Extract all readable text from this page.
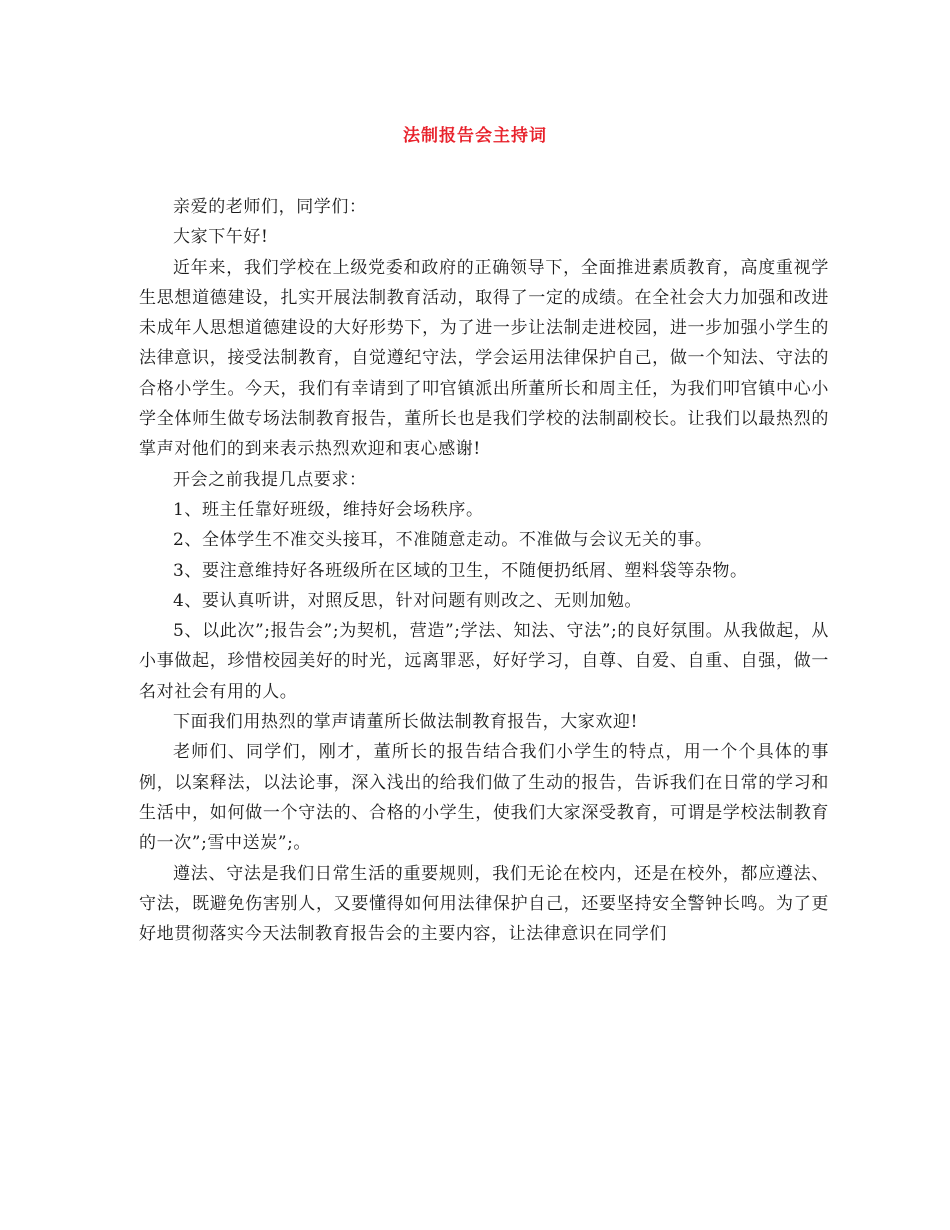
法制报告会主持词

亲爱的老师们，同学们：

大家下午好!

近年来，我们学校在上级党委和政府的正确领导下，全面推进素质教育，高度重视学生思想道德建设，扎实开展法制教育活动，取得了一定的成绩。在全社会大力加强和改进未成年人思想道德建设的大好形势下，为了进一步让法制走进校园，进一步加强小学生的法律意识，接受法制教育，自觉遵纪守法，学会运用法律保护自己，做一个知法、守法的合格小学生。今天，我们有幸请到了叩官镇派出所董所长和周主任，为我们叩官镇中心小学全体师生做专场法制教育报告，董所长也是我们学校的法制副校长。让我们以最热烈的掌声对他们的到来表示热烈欢迎和衷心感谢!

开会之前我提几点要求：

1、班主任靠好班级，维持好会场秩序。

2、全体学生不准交头接耳，不准随意走动。不准做与会议无关的事。

3、要注意维持好各班级所在区域的卫生，不随便扔纸屑、塑料袋等杂物。

4、要认真听讲，对照反思，针对问题有则改之、无则加勉。

5、以此次”;报告会”;为契机，营造”;学法、知法、守法”;的良好氛围。从我做起，从小事做起，珍惜校园美好的时光，远离罪恶，好好学习，自尊、自爱、自重、自强，做一名对社会有用的人。

下面我们用热烈的掌声请董所长做法制教育报告，大家欢迎!

老师们、同学们，刚才，董所长的报告结合我们小学生的特点，用一个个具体的事例，以案释法，以法论事，深入浅出的给我们做了生动的报告，告诉我们在日常的学习和生活中，如何做一个守法的、合格的小学生，使我们大家深受教育，可谓是学校法制教育的一次”;雪中送炭”;。

遵法、守法是我们日常生活的重要规则，我们无论在校内，还是在校外，都应遵法、守法，既避免伤害别人，又要懂得如何用法律保护自己，还要坚持安全警钟长鸣。为了更好地贯彻落实今天法制教育报告会的主要内容，让法律意识在同学们
